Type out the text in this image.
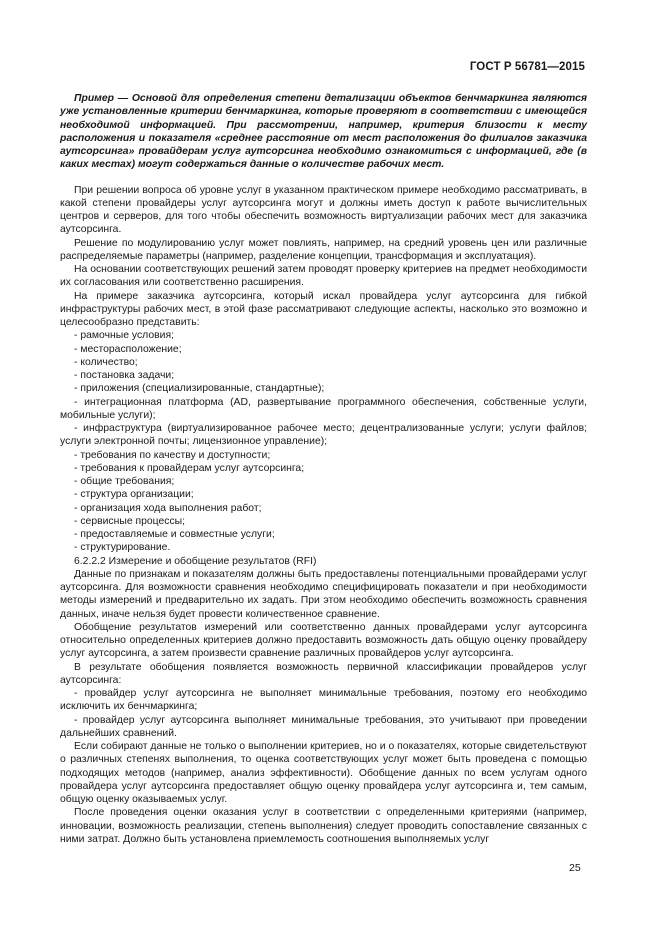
ГОСТ Р 56781—2015

Пример — Основой для определения степени детализации объектов бенчмаркинга являются уже установленные критерии бенчмаркинга, которые проверяют в соответствии с имеющейся необходимой информацией. При рассмотрении, например, критерия близости к месту расположения и показателя «среднее расстояние от мест расположения до филиалов заказчика аутсорсинга» провайдерам услуг аутсорсинга необходимо ознакомиться с информацией, где (в каких местах) могут содержаться данные о количестве рабочих мест.

При решении вопроса об уровне услуг в указанном практическом примере необходимо рассматривать, в какой степени провайдеры услуг аутсорсинга могут и должны иметь доступ к работе вычислительных центров и серверов, для того чтобы обеспечить возможность виртуализации рабочих мест для заказчика аутсорсинга.

Решение по модулированию услуг может повлиять, например, на средний уровень цен или различные распределяемые параметры (например, разделение концепции, трансформация и эксплуатация).

На основании соответствующих решений затем проводят проверку критериев на предмет необходимости их согласования или соответственно расширения.

На примере заказчика аутсорсинга, который искал провайдера услуг аутсорсинга для гибкой инфраструктуры рабочих мест, в этой фазе рассматривают следующие аспекты, насколько это возможно и целесообразно представить:

- рамочные условия;

- месторасположение;

- количество;

- постановка задачи;

- приложения (специализированные, стандартные);

- интеграционная платформа (AD, развертывание программного обеспечения, собственные услуги, мобильные услуги);

- инфраструктура (виртуализированное рабочее место; децентрализованные услуги; услуги файлов; услуги электронной почты; лицензионное управление);

- требования по качеству и доступности;

- требования к провайдерам услуг аутсорсинга;

- общие требования;

- структура организации;

- организация хода выполнения работ;

- сервисные процессы;

- предоставляемые и совместные услуги;

- структурирование.

6.2.2.2 Измерение и обобщение результатов (RFI)

Данные по признакам и показателям должны быть предоставлены потенциальными провайдерами услуг аутсорсинга. Для возможности сравнения необходимо специфицировать показатели и при необходимости методы измерений и предварительно их задать. При этом необходимо обеспечить возможность сравнения данных, иначе нельзя будет провести количественное сравнение.

Обобщение результатов измерений или соответственно данных провайдерами услуг аутсорсинга относительно определенных критериев должно предоставить возможность дать общую оценку провайдеру услуг аутсорсинга, а затем произвести сравнение различных провайдеров услуг аутсорсинга.

В результате обобщения появляется возможность первичной классификации провайдеров услуг аутсорсинга:

- провайдер услуг аутсорсинга не выполняет минимальные требования, поэтому его необходимо исключить их бенчмаркинга;

- провайдер услуг аутсорсинга выполняет минимальные требования, это учитывают при проведении дальнейших сравнений.

Если собирают данные не только о выполнении критериев, но и о показателях, которые свидетельствуют о различных степенях выполнения, то оценка соответствующих услуг может быть проведена с помощью подходящих методов (например, анализ эффективности). Обобщение данных по всем услугам одного провайдера услуг аутсорсинга предоставляет общую оценку провайдера услуг аутсорсинга и, тем самым, общую оценку оказываемых услуг.

После проведения оценки оказания услуг в соответствии с определенными критериями (например, инновации, возможность реализации, степень выполнения) следует проводить сопоставление связанных с ними затрат. Должно быть установлена приемлемость соотношения выполняемых услуг

25
